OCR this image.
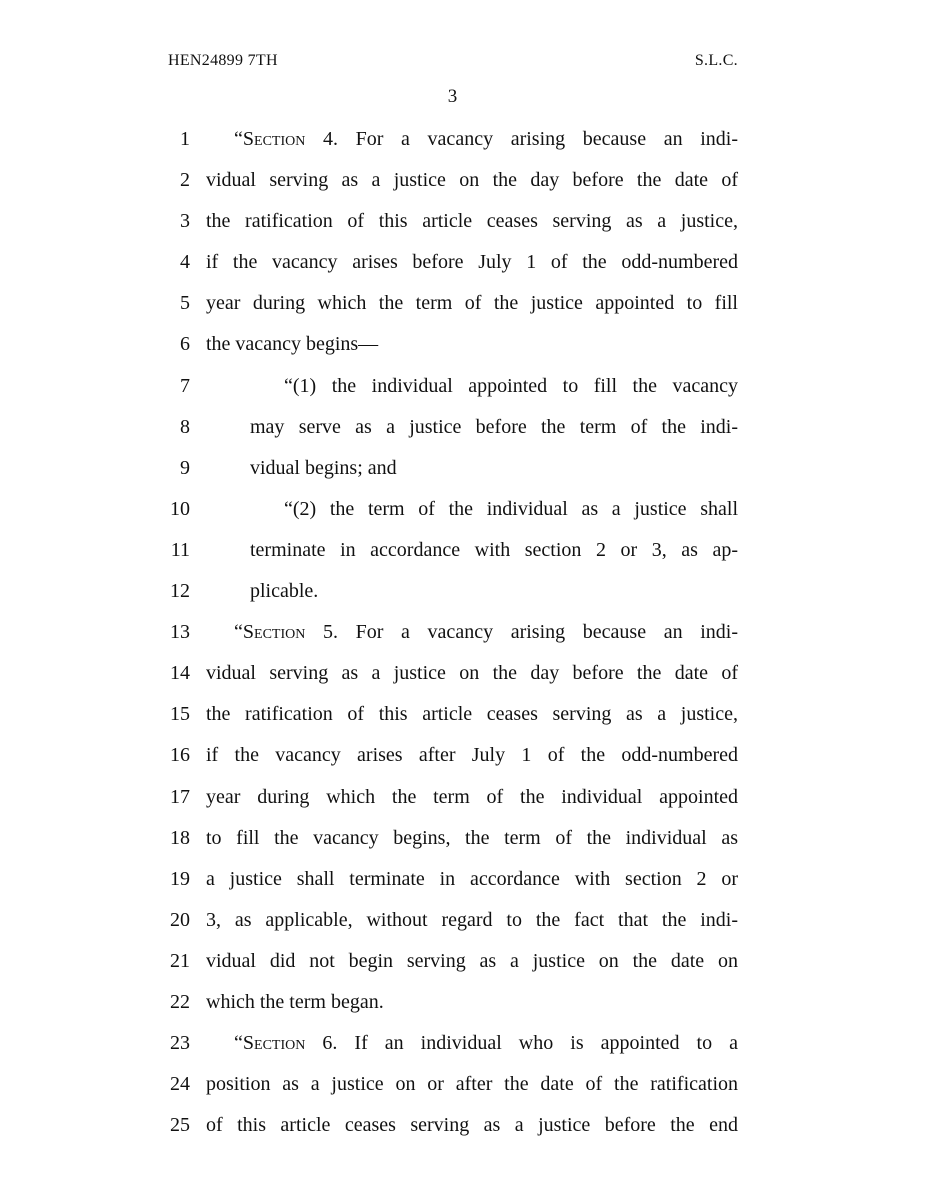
HEN24899 7TH	S.L.C.
3
1 “Section 4. For a vacancy arising because an indi-
2 vidual serving as a justice on the day before the date of
3 the ratification of this article ceases serving as a justice,
4 if the vacancy arises before July 1 of the odd-numbered
5 year during which the term of the justice appointed to fill
6 the vacancy begins—
7	“(1) the individual appointed to fill the vacancy
8	may serve as a justice before the term of the indi-
9	vidual begins; and
10	“(2) the term of the individual as a justice shall
11	terminate in accordance with section 2 or 3, as ap-
12	plicable.
13 “Section 5. For a vacancy arising because an indi-
14 vidual serving as a justice on the day before the date of
15 the ratification of this article ceases serving as a justice,
16 if the vacancy arises after July 1 of the odd-numbered
17 year during which the term of the individual appointed
18 to fill the vacancy begins, the term of the individual as
19 a justice shall terminate in accordance with section 2 or
20 3, as applicable, without regard to the fact that the indi-
21 vidual did not begin serving as a justice on the date on
22 which the term began.
23 “Section 6. If an individual who is appointed to a
24 position as a justice on or after the date of the ratification
25 of this article ceases serving as a justice before the end
